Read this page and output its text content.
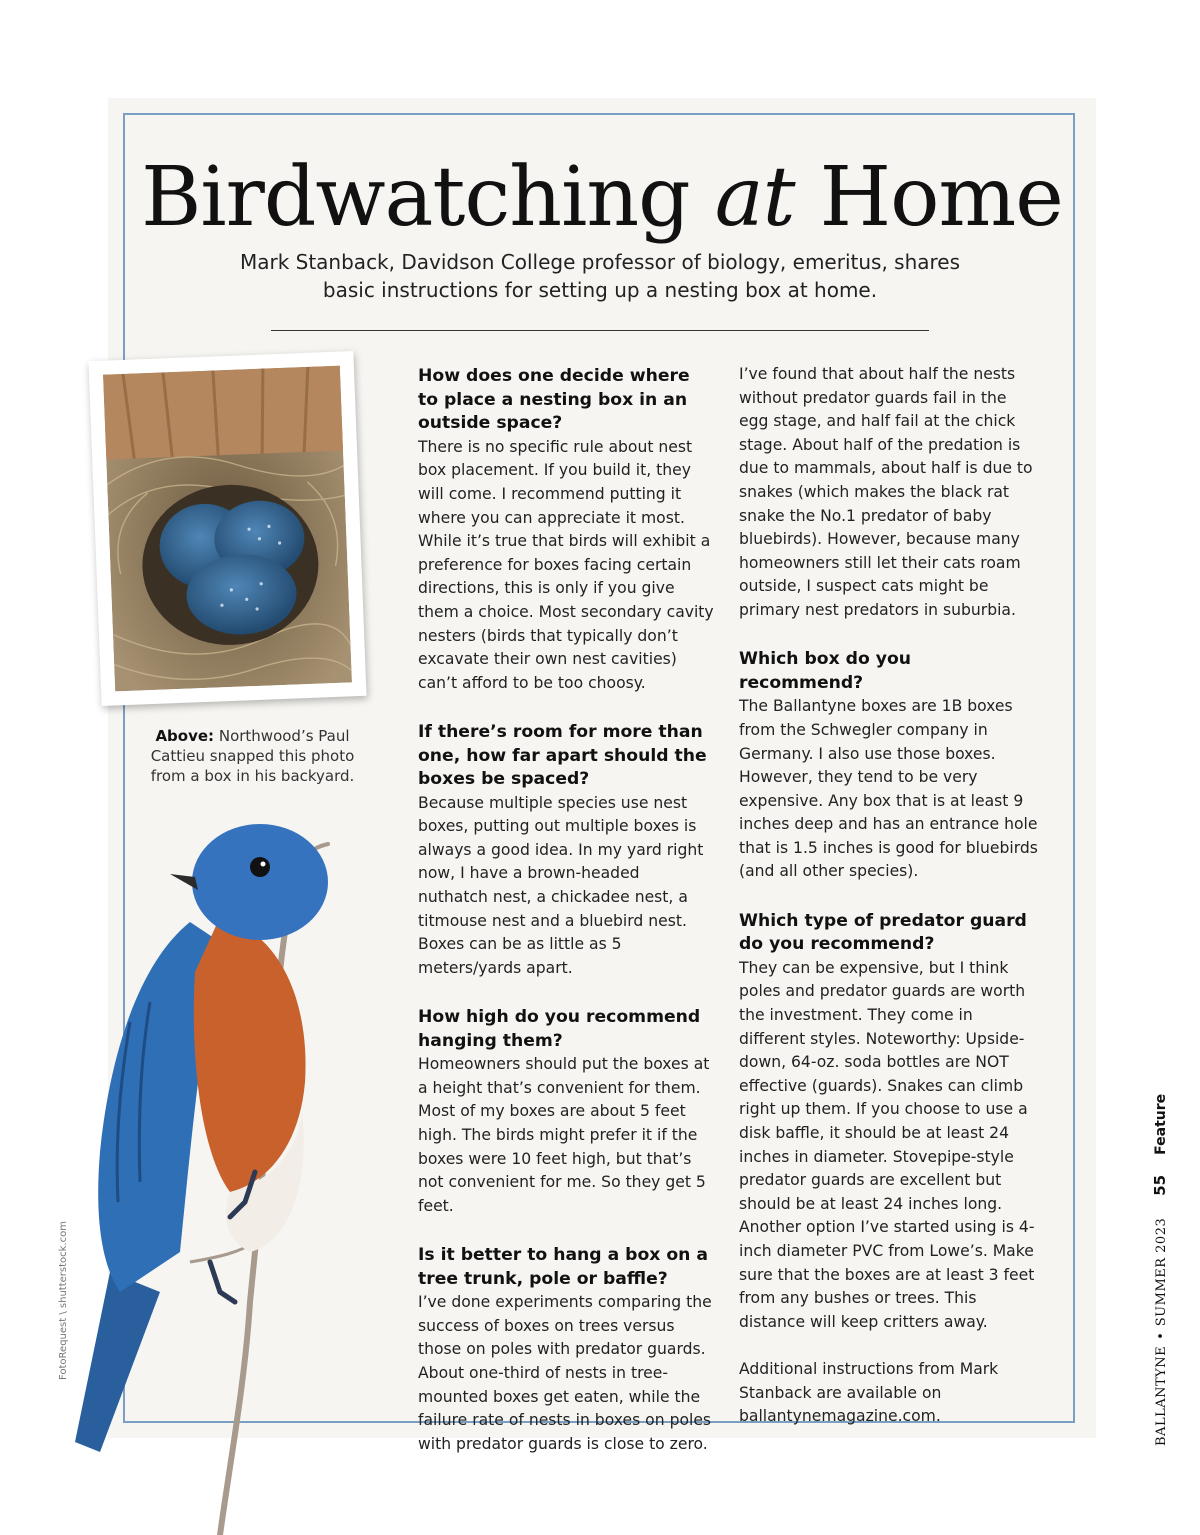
Birdwatching at Home

Mark Stanback, Davidson College professor of biology, emeritus, shares basic instructions for setting up a nesting box at home.

Above: Northwood’s Paul Cattieu snapped this photo from a box in his backyard.
FotoRequest \ shutterstock.com

How does one decide where to place a nesting box in an outside space?

There is no specific rule about nest box placement. If you build it, they will come. I recommend putting it where you can appreciate it most. While it’s true that birds will exhibit a preference for boxes facing certain directions, this is only if you give them a choice. Most secondary cavity nesters (birds that typically don’t excavate their own nest cavities) can’t afford to be too choosy.

If there’s room for more than one, how far apart should the boxes be spaced?

Because multiple species use nest boxes, putting out multiple boxes is always a good idea. In my yard right now, I have a brown-headed nuthatch nest, a chickadee nest, a titmouse nest and a bluebird nest. Boxes can be as little as 5 meters/yards apart.

How high do you recommend hanging them?

Homeowners should put the boxes at a height that’s convenient for them. Most of my boxes are about 5 feet high. The birds might prefer it if the boxes were 10 feet high, but that’s not convenient for me. So they get 5 feet.

Is it better to hang a box on a tree trunk, pole or baffle?

I’ve done experiments comparing the success of boxes on trees versus those on poles with predator guards. About one-third of nests in tree-mounted boxes get eaten, while the failure rate of nests in boxes on poles with predator guards is close to zero.

I’ve found that about half the nests without predator guards fail in the egg stage, and half fail at the chick stage. About half of the predation is due to mammals, about half is due to snakes (which makes the black rat snake the No.1 predator of baby bluebirds). However, because many homeowners still let their cats roam outside, I suspect cats might be primary nest predators in suburbia.

Which box do you recommend?

The Ballantyne boxes are 1B boxes from the Schwegler company in Germany. I also use those boxes. However, they tend to be very expensive. Any box that is at least 9 inches deep and has an entrance hole that is 1.5 inches is good for bluebirds (and all other species).

Which type of predator guard do you recommend?

They can be expensive, but I think poles and predator guards are worth the investment. They come in different styles. Noteworthy: Upside-down, 64-oz. soda bottles are NOT effective (guards). Snakes can climb right up them. If you choose to use a disk baffle, it should be at least 24 inches in diameter. Stovepipe-style predator guards are excellent but should be at least 24 inches long. Another option I’ve started using is 4-inch diameter PVC from Lowe’s. Make sure that the boxes are at least 3 feet from any bushes or trees. This distance will keep critters away.

Additional instructions from Mark Stanback are available on ballantynemagazine.com.	BALLANTYNE•SUMMER 202355Feature
